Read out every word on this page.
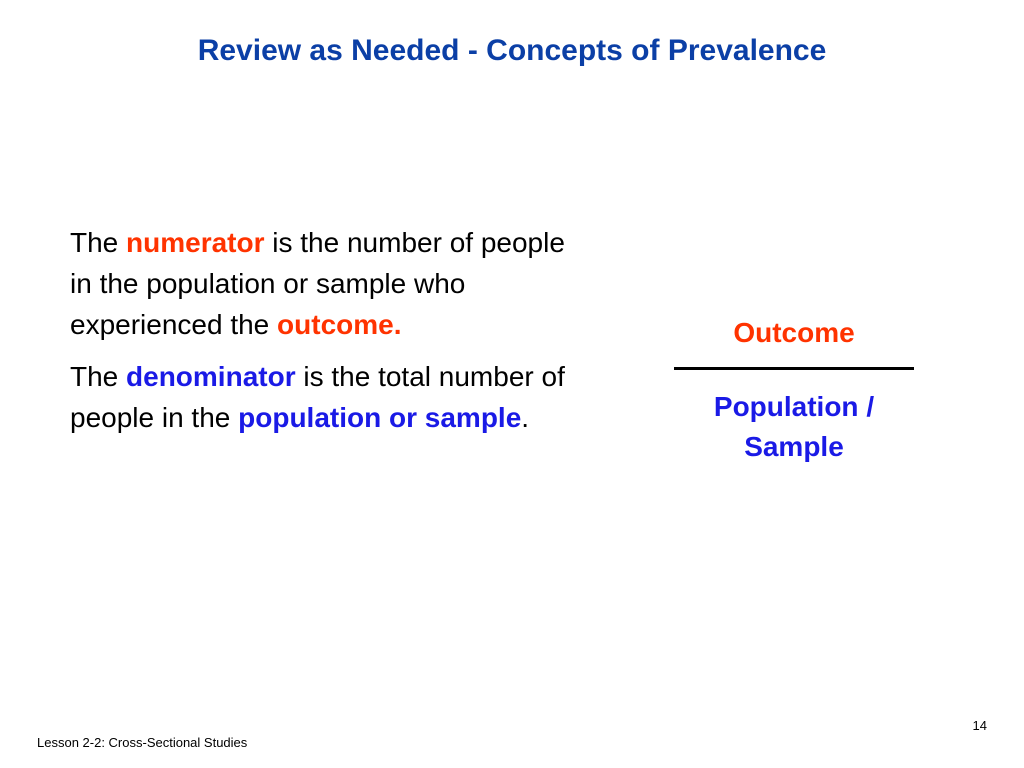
Review as Needed - Concepts of Prevalence

The numerator is the number of people in the population or sample who experienced the outcome.

The denominator is the total number of people in the population or sample.

Outcome
Population / Sample
14
Lesson 2-2: Cross-Sectional Studies
